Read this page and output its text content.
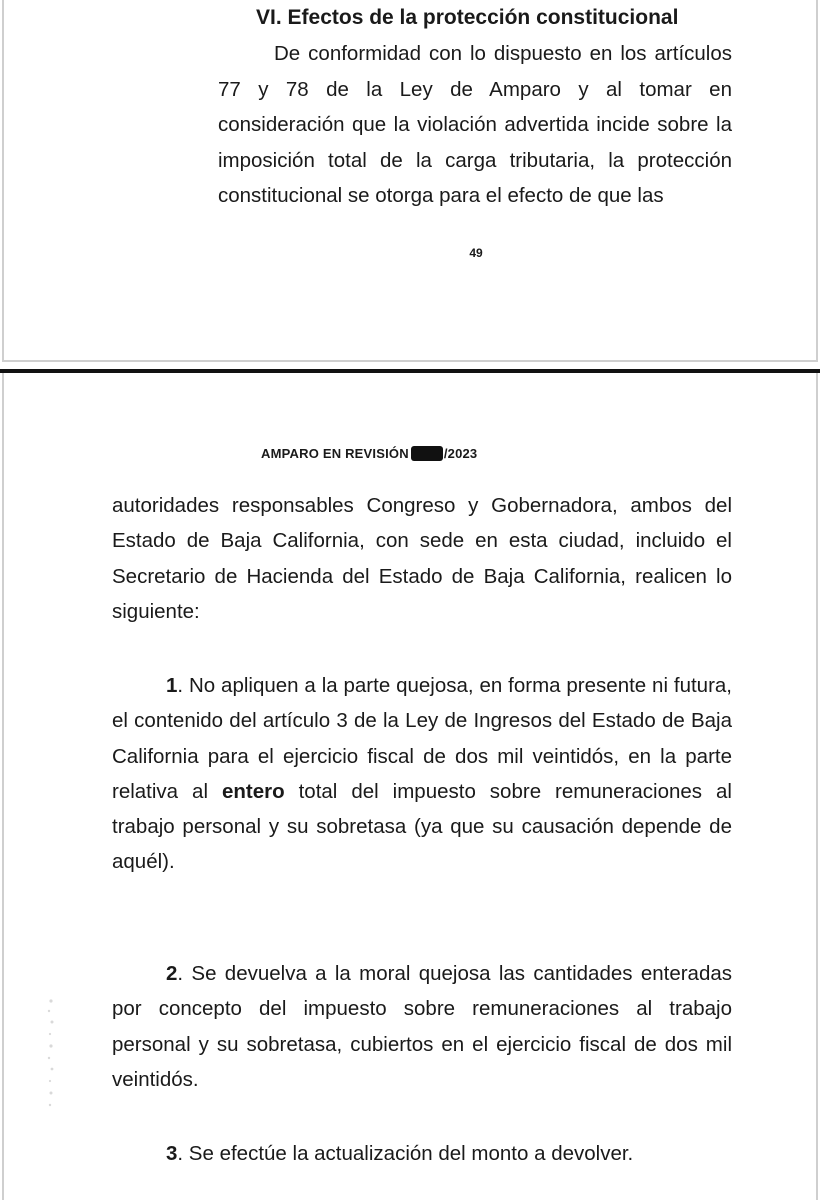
VI. Efectos de la protección constitucional

De conformidad con lo dispuesto en los artículos 77 y 78 de la Ley de Amparo y al tomar en consideración que la violación advertida incide sobre la imposición total de la carga tributaria, la protección constitucional se otorga para el efecto de que las

49
AMPARO EN REVISIÓN	/2023

autoridades responsables Congreso y Gobernadora, ambos del Estado de Baja California, con sede en esta ciudad, incluido el Secretario de Hacienda del Estado de Baja California, realicen lo siguiente:

1. No apliquen a la parte quejosa, en forma presente ni futura, el contenido del artículo 3 de la Ley de Ingresos del Estado de Baja California para el ejercicio fiscal de dos mil veintidós, en la parte relativa al entero total del impuesto sobre remuneraciones al trabajo personal y su sobretasa (ya que su causación depende de aquél).

2. Se devuelva a la moral quejosa las cantidades enteradas por concepto del impuesto sobre remuneraciones al trabajo personal y su sobretasa, cubiertos en el ejercicio fiscal de dos mil veintidós.

3. Se efectúe la actualización del monto a devolver.
